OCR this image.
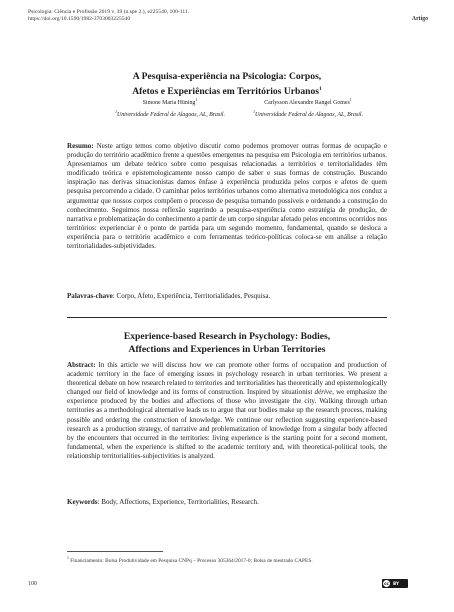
Psicologia: Ciência e Profissão 2019 v. 39 (n.spe 2.), e225540, 100-111.
https://doi.org/10.1590/1982-3703003225540	Artigo
A Pesquisa-experiência na Psicologia: Corpos,
Afetos e Experiências em Territórios Urbanos$^1$
Simone Maria Hüning$^1$
$^1$Universidade Federal de Alagoas, AL, Brasil.
Carlysson Alexandre Rangel Gomes$^1$
$^1$Universidade Federal de Alagoas, AL, Brasil.
Resumo: Neste artigo temos como objetivo discutir como podemos promover outras formas de ocupação e produção do território acadêmico frente a questões emergentes na pesquisa em Psicologia em territórios urbanos. Apresentamos um debate teórico sobre como pesquisas relacionadas a territórios e territorialidades têm modificado teórica e epistemologicamente nosso campo de saber e suas formas de construção. Buscando inspiração nas derivas situacionistas damos ênfase à experiência produzida pelos corpos e afetos de quem pesquisa percorrendo a cidade. O caminhar pelos territórios urbanos como alternativa metodológica nos conduz a argumentar que nossos corpos compõem o processo de pesquisa tornando possíveis e ordenando a construção do conhecimento. Seguimos nossa reflexão sugerindo a pesquisa-experiência como estratégia de produção, de narrativa e problematização do conhecimento a partir de um corpo singular afetado pelos encontros ocorridos nos territórios: experienciar é o ponto de partida para um segundo momento, fundamental, quando se desloca a experiência para o território acadêmico e com ferramentas teórico-políticas coloca-se em análise a relação territorialidades-subjetividades.
Palavras-chave: Corpo, Afeto, Experiência, Territorialidades, Pesquisa.
Experience-based Research in Psychology: Bodies,
Affections and Experiences in Urban Territories
Abstract: In this article we will discuss how we can promote other forms of occupation and production of academic territory in the face of emerging issues in psychology research in urban territories. We present a theoretical debate on how research related to territories and territorialities has theoretically and epistemologically changed our field of knowledge and its forms of construction. Inspired by situationist dérive, we emphasize the experience produced by the bodies and affections of those who investigate the city. Walking through urban territories as a methodological alternative leads us to argue that our bodies make up the research process, making possible and ordering the construction of knowledge. We continue our reflection suggesting experience-based research as a production strategy, of narrative and problematization of knowledge from a singular body affected by the encounters that occurred in the territories: living experience is the starting point for a second moment, fundamental, when the experience is shifted to the academic territory and, with theoretical-political tools, the relationship territorialities-subjectivities is analyzed.
Keywords: Body, Affections, Experience, Territorialities, Research.
$^1$ Financiamento: Bolsa Produtividade em Pesquisa CNPq – Processo 305364/2017-0; Bolsa de mestrado CAPES.
100	cc BY
